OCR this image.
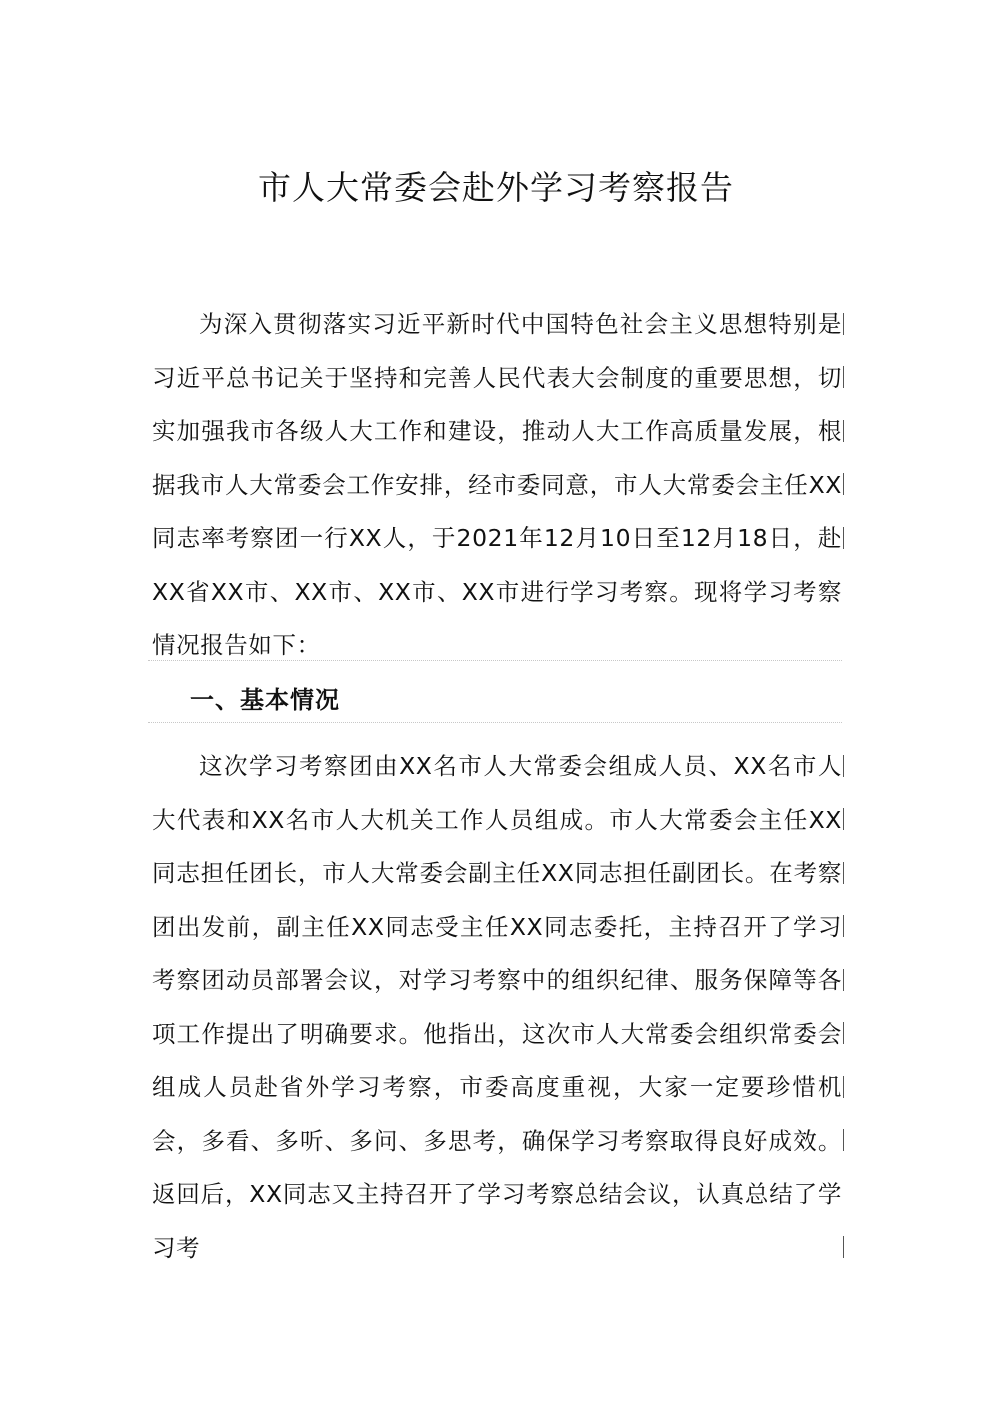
市人大常委会赴外学习考察报告

为深入贯彻落实习近平新时代中国特色社会主义思想特别是习近平总书记关于坚持和完善人民代表大会制度的重要思想，切实加强我市各级人大工作和建设，推动人大工作高质量发展，根据我市人大常委会工作安排，经市委同意，市人大常委会主任XX同志率考察团一行XX人，于2021年12月10日至12月18日，赴XX省XX市、XX市、XX市、XX市进行学习考察。现将学习考察情况报告如下：

一、基本情况

这次学习考察团由XX名市人大常委会组成人员、XX名市人大代表和XX名市人大机关工作人员组成。市人大常委会主任XX同志担任团长，市人大常委会副主任XX同志担任副团长。在考察团出发前，副主任XX同志受主任XX同志委托，主持召开了学习考察团动员部署会议，对学习考察中的组织纪律、服务保障等各项工作提出了明确要求。他指出，这次市人大常委会组织常委会组成人员赴省外学习考察，市委高度重视，大家一定要珍惜机会，多看、多听、多问、多思考，确保学习考察取得良好成效。返回后，XX同志又主持召开了学习考察总结会议，认真总结了学习考
